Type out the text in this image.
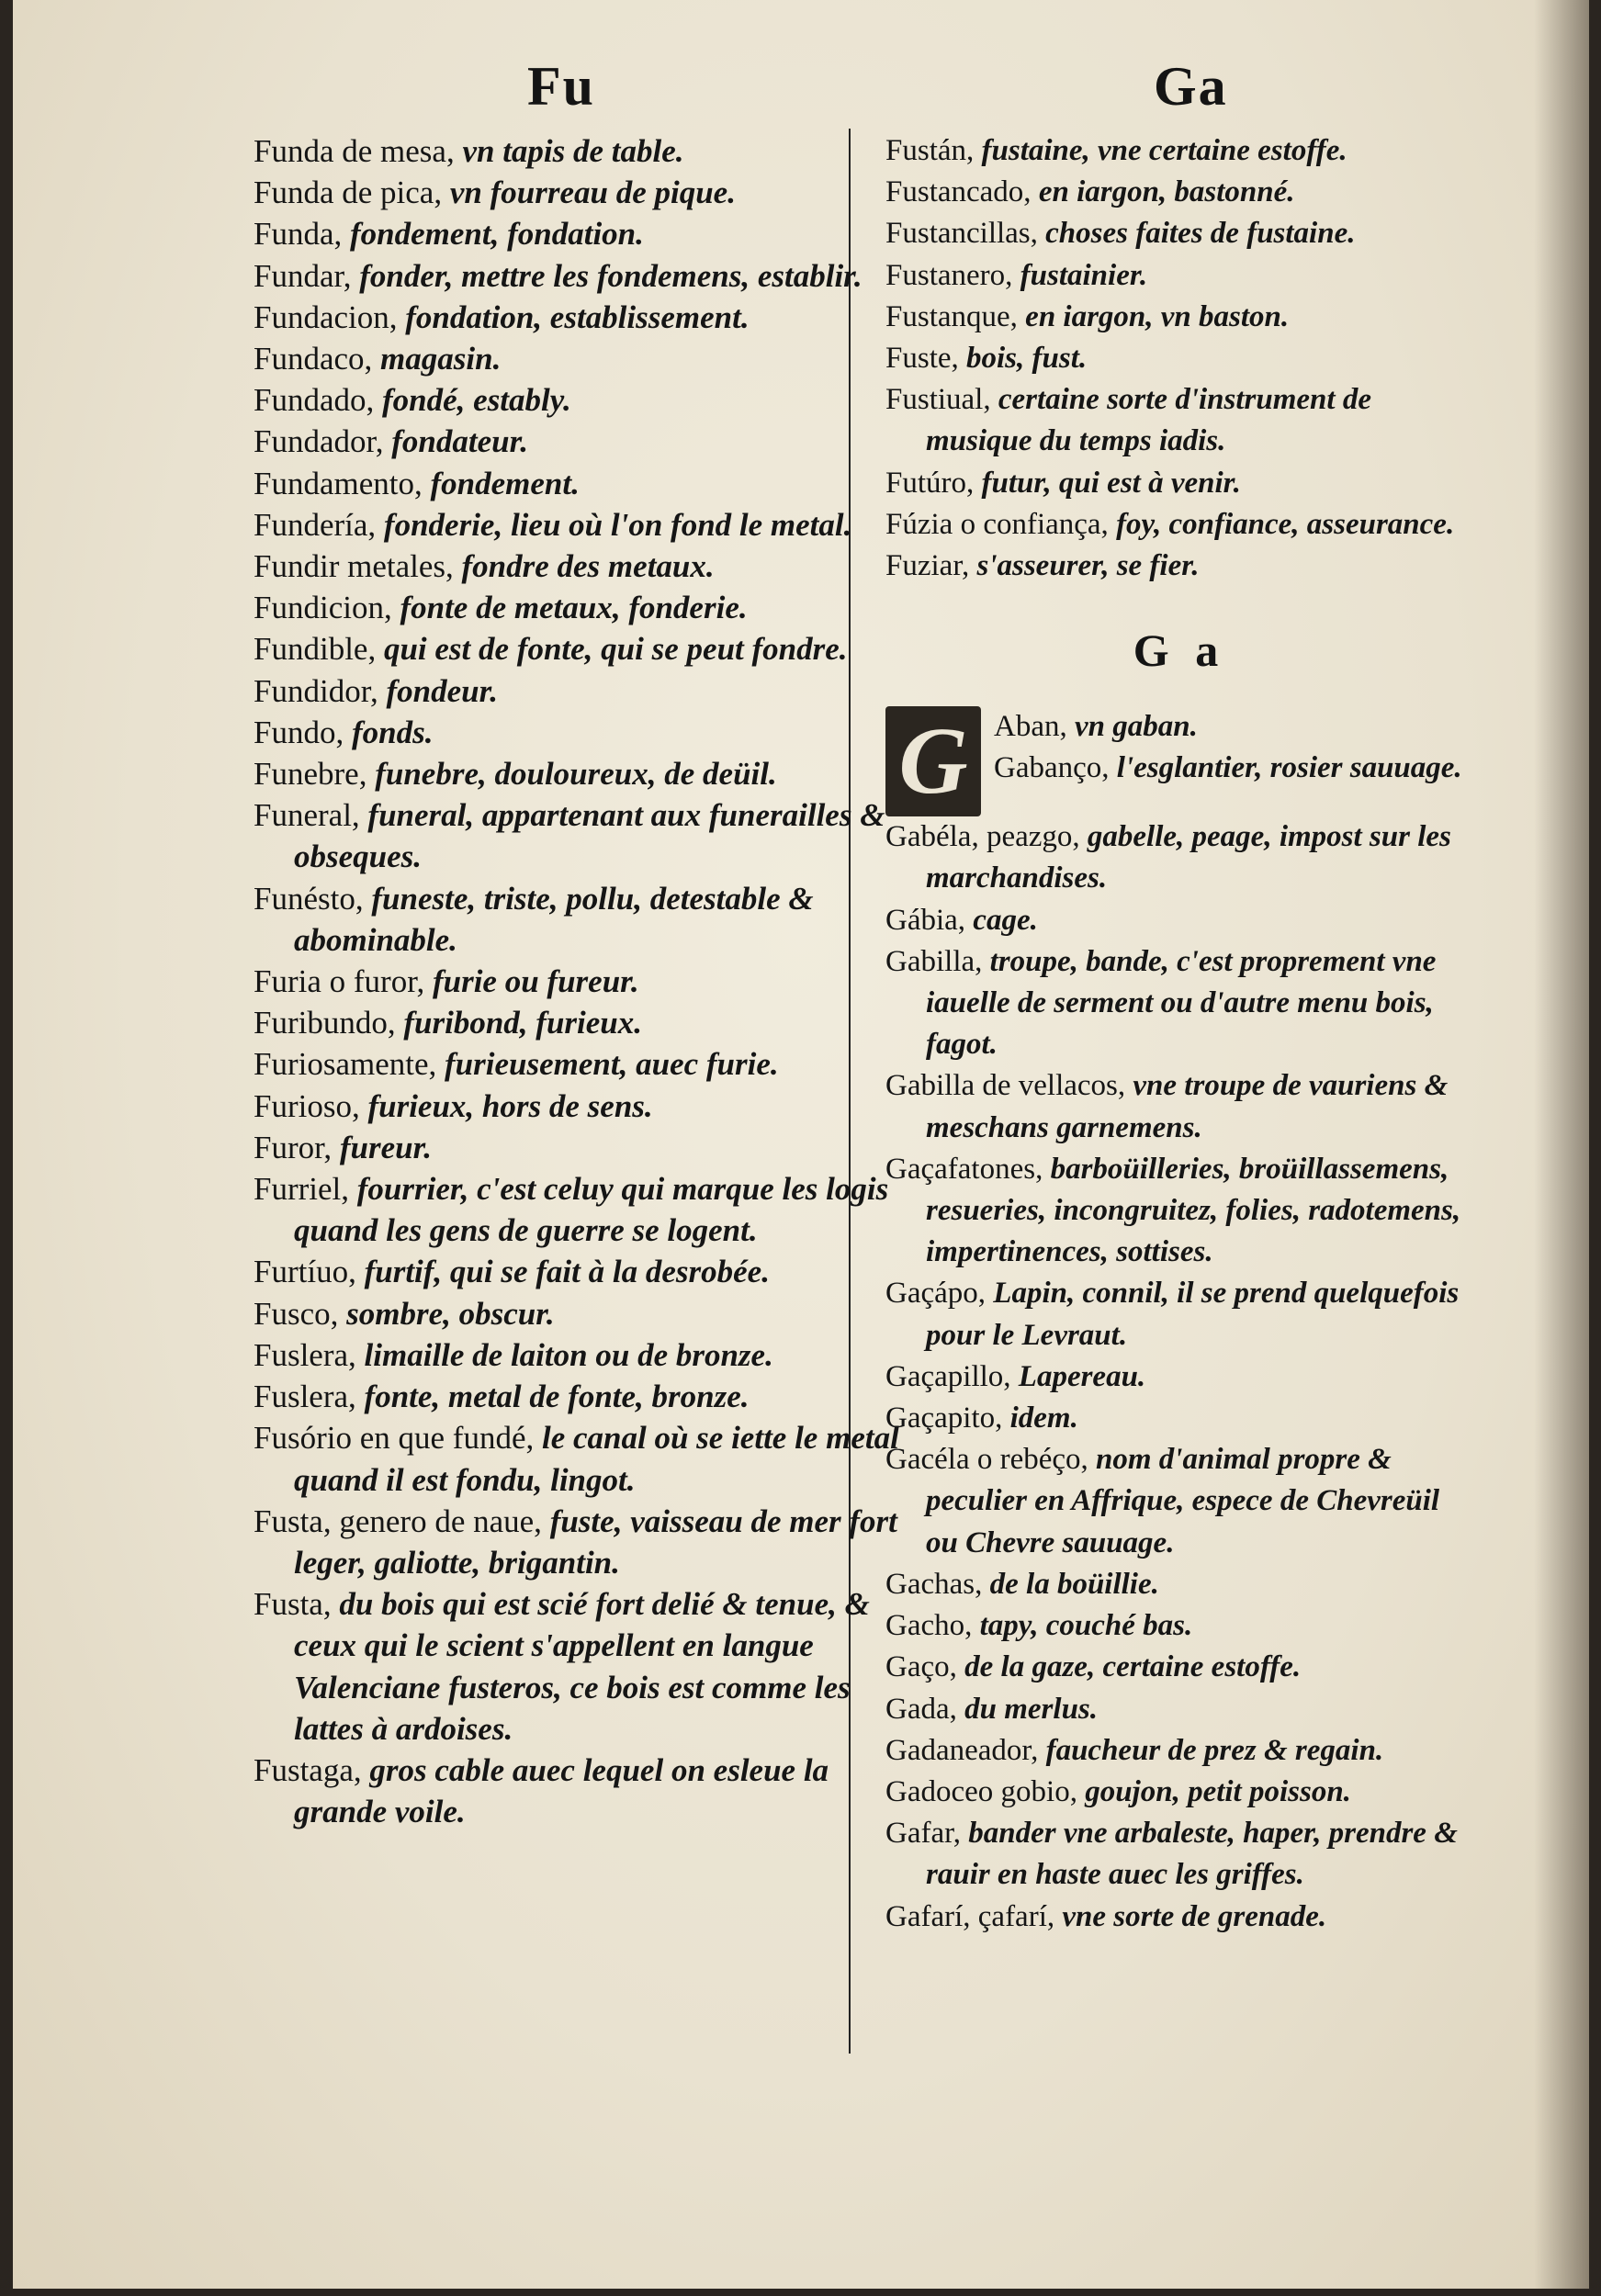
Fu	Ga

Funda de mesa, vn tapis de table.

Funda de pica, vn fourreau de pique.

Funda, fondement, fondation.

Fundar, fonder, mettre les fondemens, establir.

Fundacion, fondation, establissement.

Fundaco, magasin.

Fundado, fondé, estably.

Fundador, fondateur.

Fundamento, fondement.

Fundería, fonderie, lieu où l'on fond le metal.

Fundir metales, fondre des metaux.

Fundicion, fonte de metaux, fonderie.

Fundible, qui est de fonte, qui se peut fondre.

Fundidor, fondeur.

Fundo, fonds.

Funebre, funebre, douloureux, de deüil.

Funeral, funeral, appartenant aux funerailles & obseques.

Funésto, funeste, triste, pollu, detestable & abominable.

Furia o furor, furie ou fureur.

Furibundo, furibond, furieux.

Furiosamente, furieusement, auec furie.

Furioso, furieux, hors de sens.

Furor, fureur.

Furriel, fourrier, c'est celuy qui marque les logis quand les gens de guerre se logent.

Furtíuo, furtif, qui se fait à la desrobée.

Fusco, sombre, obscur.

Fuslera, limaille de laiton ou de bronze.

Fuslera, fonte, metal de fonte, bronze.

Fusório en que fundé, le canal où se iette le metal quand il est fondu, lingot.

Fusta, genero de naue, fuste, vaisseau de mer fort leger, galiotte, brigantin.

Fusta, du bois qui est scié fort delié & tenue, & ceux qui le scient s'appellent en langue Valenciane fusteros, ce bois est comme les lattes à ardoises.

Fustaga, gros cable auec lequel on esleue la grande voile.

Fustán, fustaine, vne certaine estoffe.

Fustancado, en iargon, bastonné.

Fustancillas, choses faites de fustaine.

Fustanero, fustainier.

Fustanque, en iargon, vn baston.

Fuste, bois, fust.

Fustiual, certaine sorte d'instrument de musique du temps iadis.

Futúro, futur, qui est à venir.

Fúzia o confiança, foy, confiance, asseurance.

Fuziar, s'asseurer, se fier.

G a
G Aban, vn gaban.

Gabanço, l'esglantier, rosier sauuage.

Gabéla, peazgo, gabelle, peage, impost sur les marchandises.

Gábia, cage.

Gabilla, troupe, bande, c'est proprement vne iauelle de serment ou d'autre menu bois, fagot.

Gabilla de vellacos, vne troupe de vauriens & meschans garnemens.

Gaçafatones, barboüilleries, broüillassemens, resueries, incongruitez, folies, radotemens, impertinences, sottises.

Gaçápo, Lapin, connil, il se prend quelquefois pour le Levraut.

Gaçapillo, Lapereau.

Gaçapito, idem.

Gacéla o rebéço, nom d'animal propre & peculier en Affrique, espece de Chevreüil ou Chevre sauuage.

Gachas, de la boüillie.

Gacho, tapy, couché bas.

Gaço, de la gaze, certaine estoffe.

Gada, du merlus.

Gadaneador, faucheur de prez & regain.

Gadoceo gobio, goujon, petit poisson.

Gafar, bander vne arbaleste, haper, prendre & rauir en haste auec les griffes.

Gafarí, çafarí, vne sorte de grenade.
